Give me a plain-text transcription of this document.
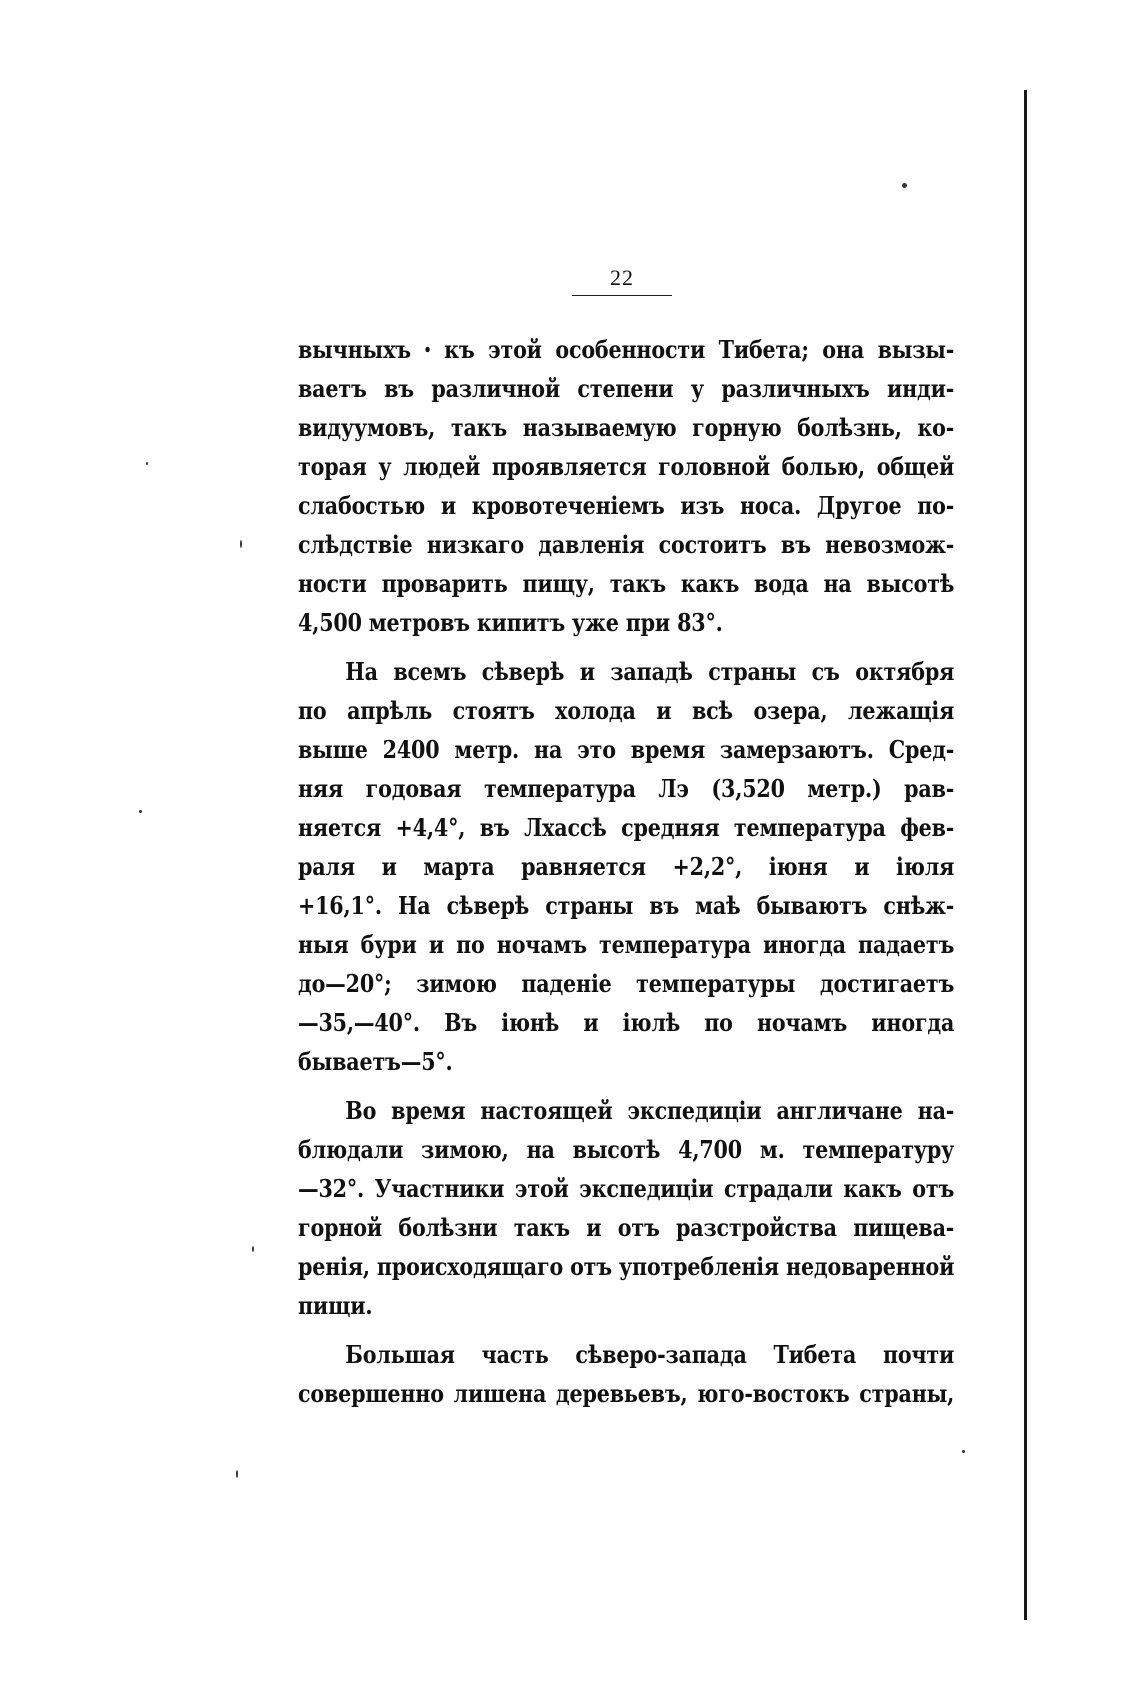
22
вычныхъ ꞏ къ этой особенности Тибета; она вызы-
ваетъ въ различной степени у различныхъ инди-
видуумовъ, такъ называемую горную болѣзнь, ко-
торая у людей проявляется головной болью, общей
слабостью и кровотеченіемъ изъ носа. Другое по-
слѣдствіе низкаго давленія состоитъ въ невозмож-
ности проварить пищу, такъ какъ вода на высотѣ
4,500 метровъ кипитъ уже при 83°.
На всемъ сѣверѣ и западѣ страны съ октября
по апрѣль стоятъ холода и всѣ озера, лежащія
выше 2400 метр. на это время замерзаютъ. Сред-
няя годовая температура Лэ (3,520 метр.) рав-
няется +4,4°, въ Лхассѣ средняя температура фев-
раля и марта равняется +2,2°, іюня и іюля
+16,1°. На сѣверѣ страны въ маѣ бываютъ снѣж-
ныя бури и по ночамъ температура иногда падаетъ
до—20°; зимою паденіе температуры достигаетъ
—35,—40°. Въ іюнѣ и іюлѣ по ночамъ иногда
бываетъ—5°.
Во время настоящей экспедиціи англичане на-
блюдали зимою, на высотѣ 4,700 м. температуру
—32°. Участники этой экспедиціи страдали какъ отъ
горной болѣзни такъ и отъ разстройства пищева-
ренія, происходящаго отъ употребленія недоваренной
пищи.
Большая часть сѣверо-запада Тибета почти
совершенно лишена деревьевъ, юго-востокъ страны,
